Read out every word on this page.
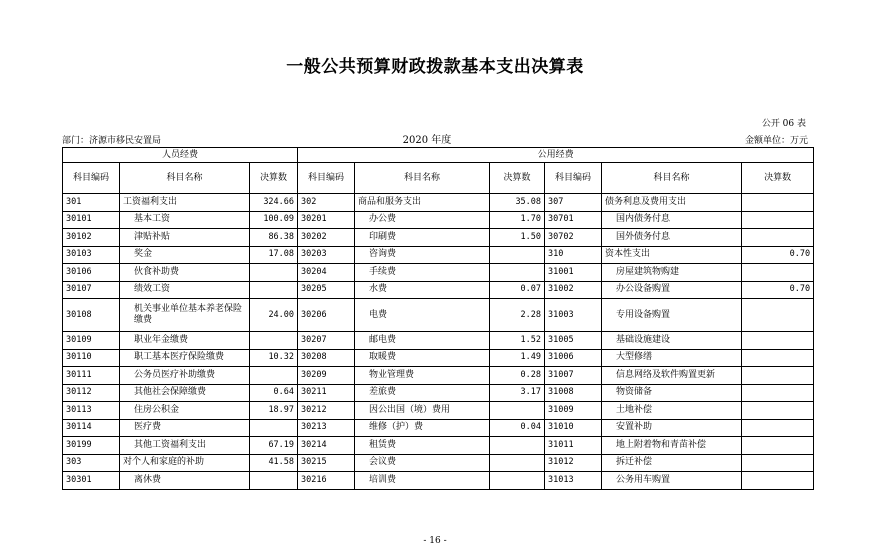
一般公共预算财政拨款基本支出决算表
公开 06 表
部门：济源市移民安置局	2020 年度	金额单位：万元
人员经费			公用经费					
科目编码	科目名称	决算数	科目编码	科目名称	决算数	科目编码	科目名称	决算数
301	工资福利支出	324.66	302	商品和服务支出	35.08	307	债务利息及费用支出	
30101	基本工资	100.09	30201	办公费	1.70	30701	国内债务付息	
30102	津贴补贴	86.38	30202	印刷费	1.50	30702	国外债务付息	
30103	奖金	17.08	30203	咨询费		310	资本性支出	0.70
30106	伙食补助费		30204	手续费		31001	房屋建筑物购建	
30107	绩效工资		30205	水费	0.07	31002	办公设备购置	0.70
30108	机关事业单位基本养老保险缴费	24.00	30206	电费	2.28	31003	专用设备购置	
30109	职业年金缴费		30207	邮电费	1.52	31005	基础设施建设	
30110	职工基本医疗保险缴费	10.32	30208	取暖费	1.49	31006	大型修缮	
30111	公务员医疗补助缴费		30209	物业管理费	0.28	31007	信息网络及软件购置更新	
30112	其他社会保障缴费	0.64	30211	差旅费	3.17	31008	物资储备	
30113	住房公积金	18.97	30212	因公出国（境）费用		31009	土地补偿	
30114	医疗费		30213	维修（护）费	0.04	31010	安置补助	
30199	其他工资福利支出	67.19	30214	租赁费		31011	地上附着物和青苗补偿	
303	对个人和家庭的补助	41.58	30215	会议费		31012	拆迁补偿	
30301	离休费		30216	培训费		31013	公务用车购置	
- 16 -
